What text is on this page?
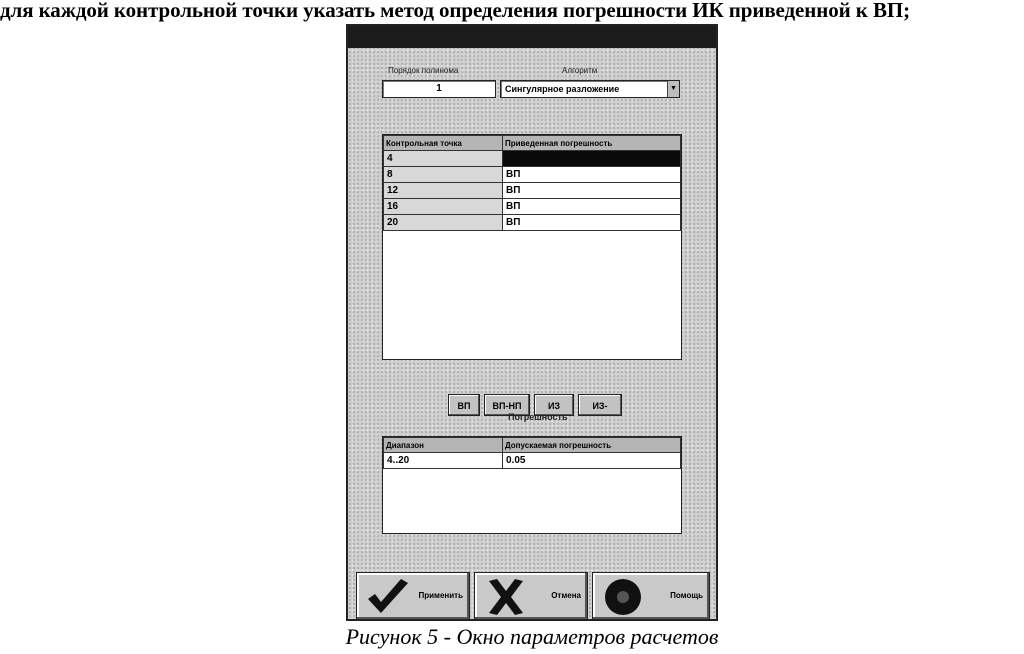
для каждой контрольной точки указать метод определения погрешности ИК приведенной к ВП;
Порядок полинома	Алгоритм
1	Сингулярное разложение	▼
Контрольная точка	Приведенная погрешность
4	
8	ВП
12	ВП
16	ВП
20	ВП
ВП	ВП-НП	ИЗ	ИЗ-
Погрешность
Диапазон	Допускаемая погрешность
4..20	0.05
Применить	Отмена	Помощь
Рисунок 5 - Окно параметров расчетов
